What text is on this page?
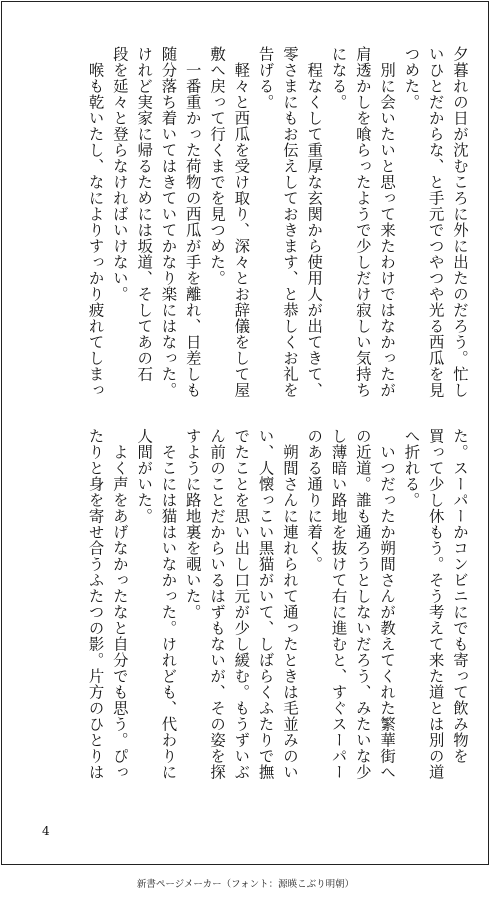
夕暮れの日が沈むころに外に出たのだろう。忙し

いひとだからな、と手元でつやつや光る西瓜を見

つめた。

　別に会いたいと思って来たわけではなかったが

肩透かしを喰らったようで少しだけ寂しい気持ち

になる。

　程なくして重厚な玄関から使用人が出てきて、

零さまにもお伝えしておきます、と恭しくお礼を

告げる。

　軽々と西瓜を受け取り、深々とお辞儀をして屋

敷へ戻って行くまでを見つめた。

　一番重かった荷物の西瓜が手を離れ、日差しも

随分落ち着いてはきていてかなり楽にはなった。

けれど実家に帰るためには坂道、そしてあの石

段を延々と登らなければいけない。

　喉も乾いたし、なによりすっかり疲れてしまっ

た。スーパーかコンビニにでも寄って飲み物を

買って少し休もう。そう考えて来た道とは別の道

へ折れる。

　いつだったか朔間さんが教えてくれた繁華街へ

の近道。誰も通ろうとしないだろう、みたいな少

し薄暗い路地を抜けて右に進むと、すぐスーパー

のある通りに着く。

　朔間さんに連れられて通ったときは毛並みのい

い、人懐っこい黒猫がいて、しばらくふたりで撫

でたことを思い出し口元が少し緩む。もうずいぶ

ん前のことだからいるはずもないが、その姿を探

すように路地裏を覗いた。

　そこには猫はいなかった。けれども、代わりに

人間がいた。

　よく声をあげなかったなと自分でも思う。ぴっ

たりと身を寄せ合うふたつの影。片方のひとりは

4
新書ページメーカー（フォント：源暎こぶり明朝）
